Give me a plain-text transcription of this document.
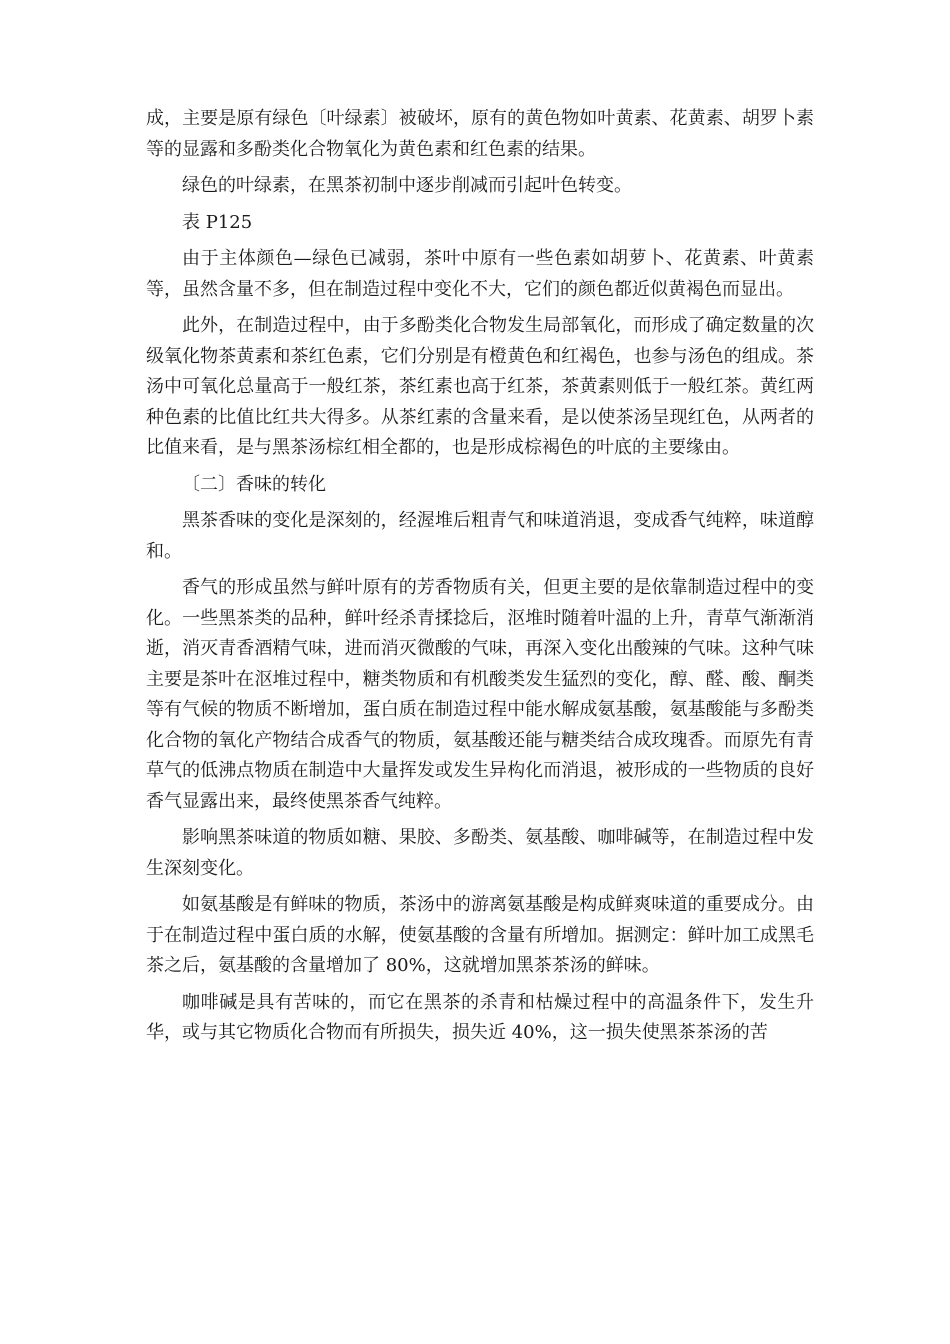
成，主要是原有绿色〔叶绿素〕被破坏，原有的黄色物如叶黄素、花黄素、胡罗卜素等的显露和多酚类化合物氧化为黄色素和红色素的结果。

绿色的叶绿素，在黑茶初制中逐步削减而引起叶色转变。

表 P125

由于主体颜色—绿色已减弱，茶叶中原有一些色素如胡萝卜、花黄素、叶黄素等，虽然含量不多，但在制造过程中变化不大，它们的颜色都近似黄褐色而显出。

此外，在制造过程中，由于多酚类化合物发生局部氧化，而形成了确定数量的次级氧化物茶黄素和茶红色素，它们分别是有橙黄色和红褐色，也参与汤色的组成。茶汤中可氧化总量高于一般红茶，茶红素也高于红茶，茶黄素则低于一般红茶。黄红两种色素的比值比红共大得多。从茶红素的含量来看，是以使茶汤呈现红色，从两者的比值来看，是与黑茶汤棕红相全都的，也是形成棕褐色的叶底的主要缘由。

〔二〕香味的转化

黑茶香味的变化是深刻的，经渥堆后粗青气和味道消退，变成香气纯粹，味道醇和。

香气的形成虽然与鲜叶原有的芳香物质有关，但更主要的是依靠制造过程中的变化。一些黑茶类的品种，鲜叶经杀青揉捻后，沤堆时随着叶温的上升，青草气渐渐消逝，消灭青香酒精气味，进而消灭微酸的气味，再深入变化出酸辣的气味。这种气味主要是茶叶在沤堆过程中，糖类物质和有机酸类发生猛烈的变化，醇、醛、酸、酮类等有气候的物质不断增加，蛋白质在制造过程中能水解成氨基酸，氨基酸能与多酚类化合物的氧化产物结合成香气的物质，氨基酸还能与糖类结合成玫瑰香。而原先有青草气的低沸点物质在制造中大量挥发或发生异构化而消退，被形成的一些物质的良好香气显露出来，最终使黑茶香气纯粹。

影响黑茶味道的物质如糖、果胶、多酚类、氨基酸、咖啡碱等，在制造过程中发生深刻变化。

如氨基酸是有鲜味的物质，茶汤中的游离氨基酸是构成鲜爽味道的重要成分。由于在制造过程中蛋白质的水解，使氨基酸的含量有所增加。据测定：鲜叶加工成黑毛茶之后，氨基酸的含量增加了 80%，这就增加黑茶茶汤的鲜味。

咖啡碱是具有苦味的，而它在黑茶的杀青和枯燥过程中的高温条件下，发生升华，或与其它物质化合物而有所损失，损失近 40%，这一损失使黑茶茶汤的苦
